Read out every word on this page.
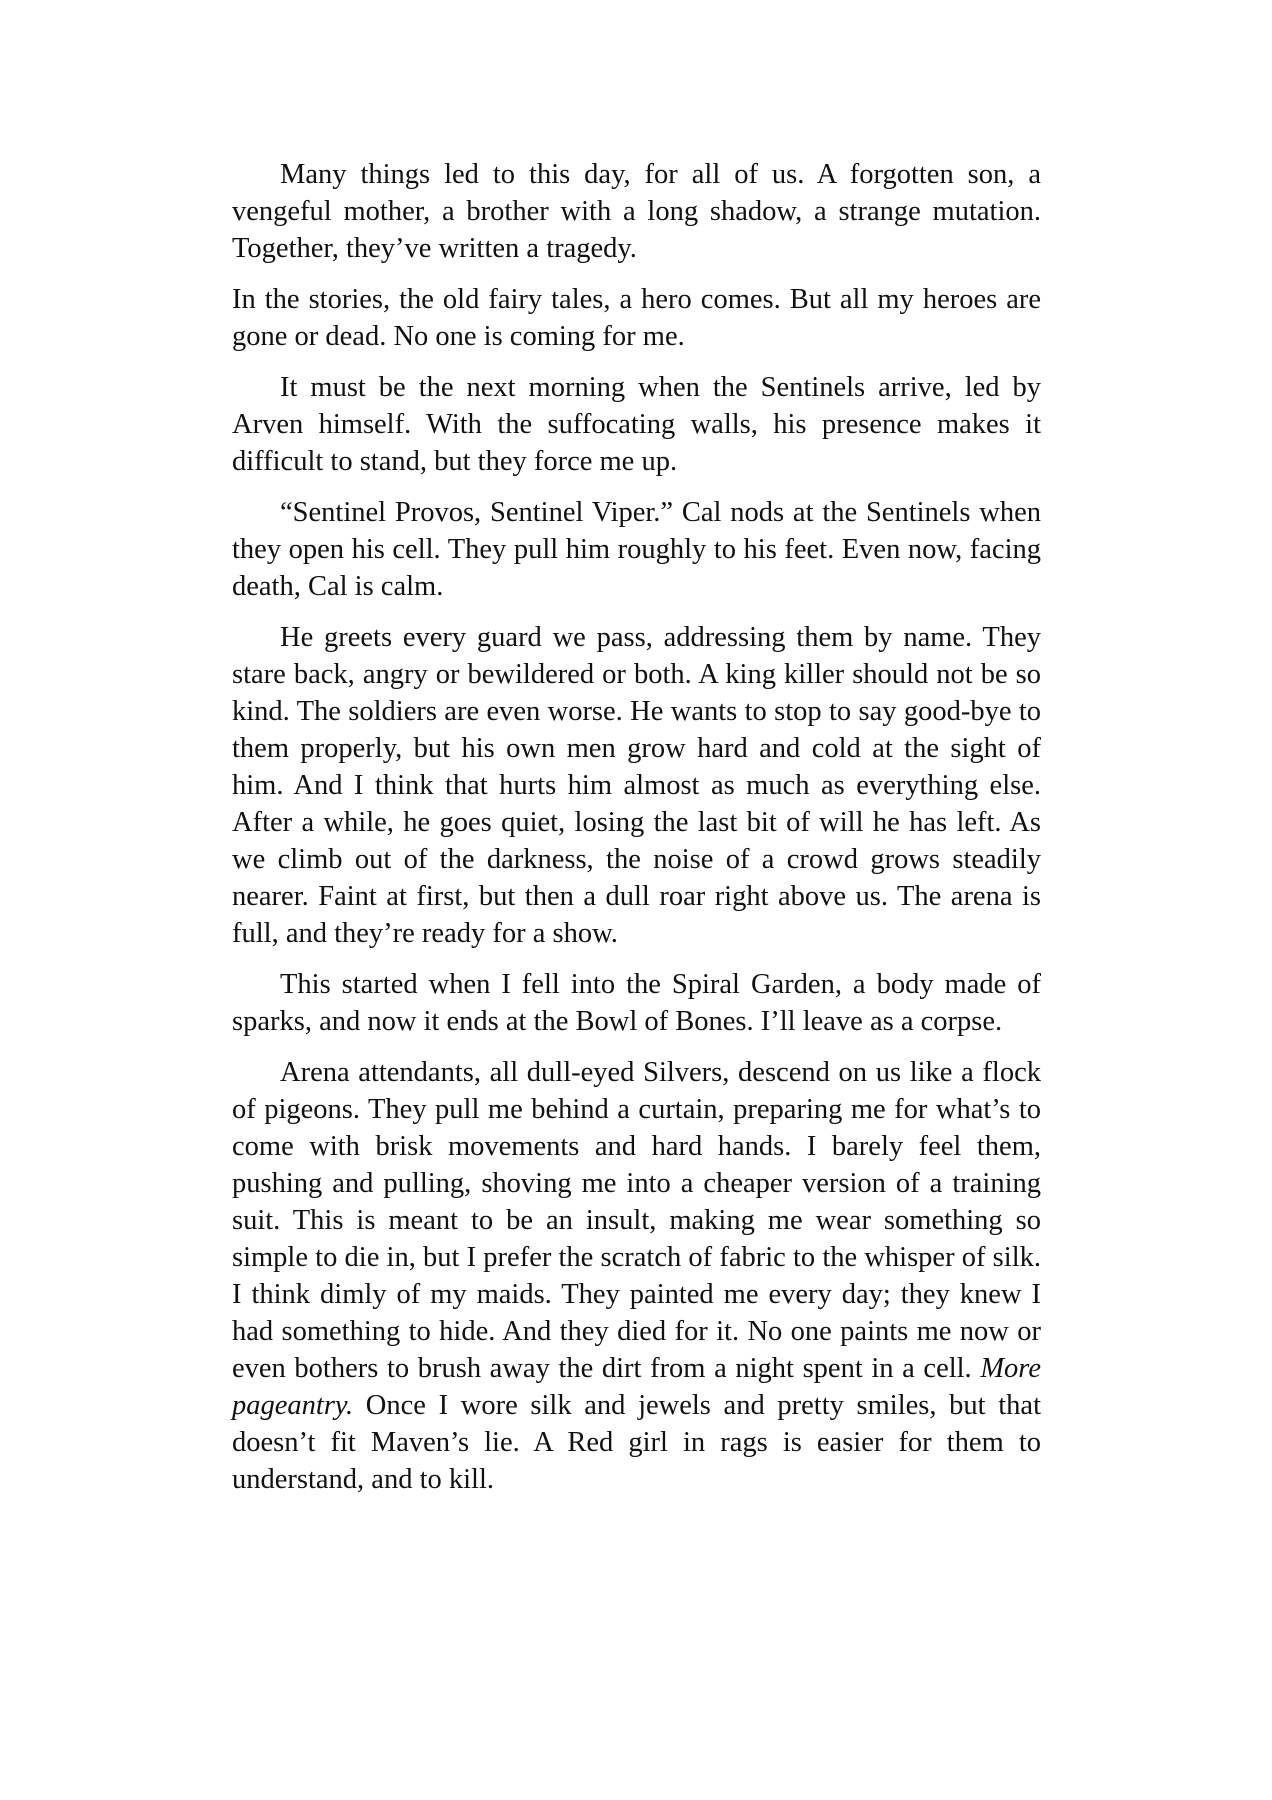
Many things led to this day, for all of us. A forgotten son, a vengeful mother, a brother with a long shadow, a strange mutation. Together, they’ve written a tragedy.

In the stories, the old fairy tales, a hero comes. But all my heroes are gone or dead. No one is coming for me.

It must be the next morning when the Sentinels arrive, led by Arven himself. With the suffocating walls, his presence makes it difficult to stand, but they force me up.

“Sentinel Provos, Sentinel Viper.” Cal nods at the Sentinels when they open his cell. They pull him roughly to his feet. Even now, facing death, Cal is calm.

He greets every guard we pass, addressing them by name. They stare back, angry or bewildered or both. A king killer should not be so kind. The soldiers are even worse. He wants to stop to say good-bye to them properly, but his own men grow hard and cold at the sight of him. And I think that hurts him almost as much as everything else. After a while, he goes quiet, losing the last bit of will he has left. As we climb out of the darkness, the noise of a crowd grows steadily nearer. Faint at first, but then a dull roar right above us. The arena is full, and they’re ready for a show.

This started when I fell into the Spiral Garden, a body made of sparks, and now it ends at the Bowl of Bones. I’ll leave as a corpse.

Arena attendants, all dull-eyed Silvers, descend on us like a flock of pigeons. They pull me behind a curtain, preparing me for what’s to come with brisk movements and hard hands. I barely feel them, pushing and pulling, shoving me into a cheaper version of a training suit. This is meant to be an insult, making me wear something so simple to die in, but I prefer the scratch of fabric to the whisper of silk. I think dimly of my maids. They painted me every day; they knew I had something to hide. And they died for it. No one paints me now or even bothers to brush away the dirt from a night spent in a cell. More pageantry. Once I wore silk and jewels and pretty smiles, but that doesn’t fit Maven’s lie. A Red girl in rags is easier for them to understand, and to kill.
